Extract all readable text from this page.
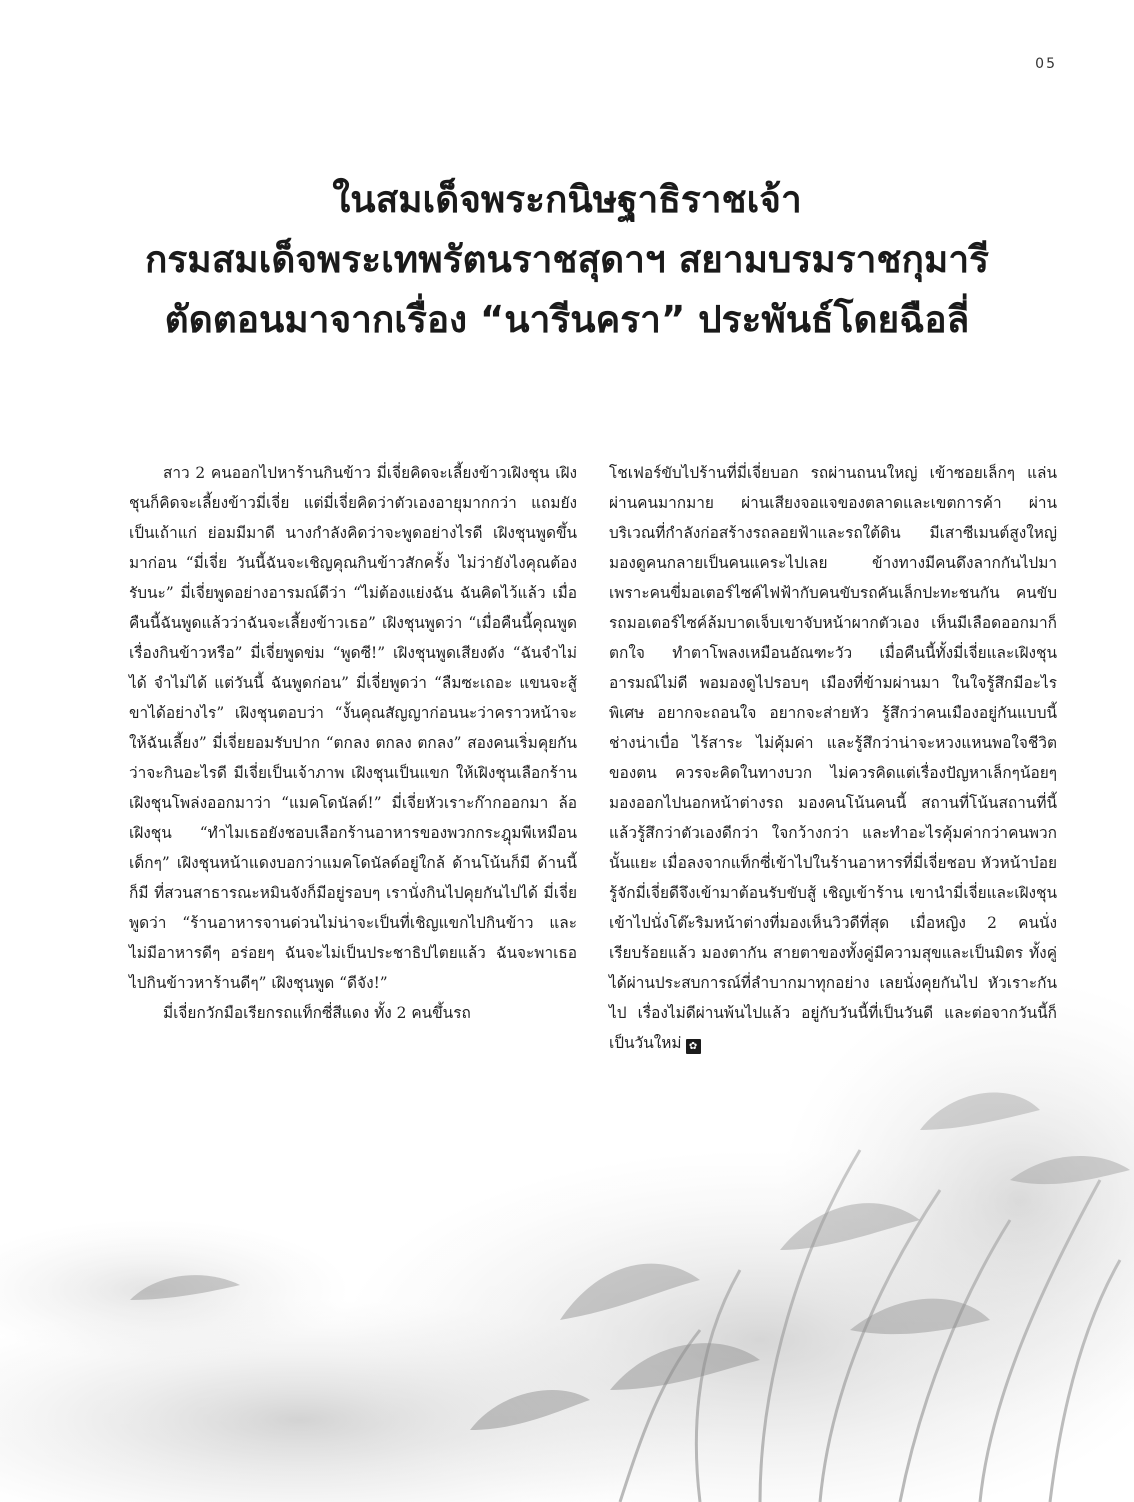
05
ในสมเด็จพระกนิษฐาธิราชเจ้า
กรมสมเด็จพระเทพรัตนราชสุดาฯ สยามบรมราชกุมารี
ตัดตอนมาจากเรื่อง “นารีนครา” ประพันธ์โดยฉือลี่

สาว 2 คนออกไปหาร้านกินข้าว มี่เจี่ยคิดจะเลี้ยงข้าวเฝิงชุน เฝิงชุนก็คิดจะเลี้ยงข้าวมี่เจี่ย แต่มี่เจี่ยคิดว่าตัวเองอายุมากกว่า แถมยังเป็นเถ้าแก่ ย่อมมีมาดี นางกำลังคิดว่าจะพูดอย่างไรดี เฝิงชุนพูดขึ้นมาก่อน “มี่เจี่ย วันนี้ฉันจะเชิญคุณกินข้าวสักครั้ง ไม่ว่ายังไงคุณต้องรับนะ” มี่เจี่ยพูดอย่างอารมณ์ดีว่า “ไม่ต้องแย่งฉัน ฉันคิดไว้แล้ว เมื่อคืนนี้ฉันพูดแล้วว่าฉันจะเลี้ยงข้าวเธอ” เฝิงชุนพูดว่า “เมื่อคืนนี้คุณพูดเรื่องกินข้าวหรือ” มี่เจี่ยพูดข่ม “พูดซี!” เฝิงชุนพูดเสียงดัง “ฉันจำไม่ได้ จำไม่ได้ แต่วันนี้ ฉันพูดก่อน” มี่เจี่ยพูดว่า “ลืมซะเถอะ แขนจะสู้ขาได้อย่างไร” เฝิงชุนตอบว่า “งั้นคุณสัญญาก่อนนะว่าคราวหน้าจะให้ฉันเลี้ยง” มี่เจี่ยยอมรับปาก “ตกลง ตกลง ตกลง” สองคนเริ่มคุยกันว่าจะกินอะไรดี มีเจี่ยเป็นเจ้าภาพ เฝิงชุนเป็นแขก ให้เฝิงชุนเลือกร้าน เฝิงชุนโพล่งออกมาว่า “แมคโดนัลด์!” มี่เจี่ยหัวเราะก๊ากออกมา ล้อเฝิงชุน “ทำไมเธอยังชอบเลือกร้านอาหารของพวกกระฎุมพีเหมือนเด็กๆ” เฝิงชุนหน้าแดงบอกว่าแมคโดนัลด์อยู่ใกล้ ด้านโน้นก็มี ด้านนี้ก็มี ที่สวนสาธารณะหมินจังก็มีอยู่รอบๆ เรานั่งกินไปคุยกันไปได้ มี่เจี่ยพูดว่า “ร้านอาหารจานด่วนไม่น่าจะเป็นที่เชิญแขกไปกินข้าว และไม่มีอาหารดีๆ อร่อยๆ ฉันจะไม่เป็นประชาธิปไตยแล้ว ฉันจะพาเธอไปกินข้าวหาร้านดีๆ” เฝิงชุนพูด “ดีจัง!”

มี่เจี่ยกวักมือเรียกรถแท็กซี่สีแดง ทั้ง 2 คนขึ้นรถ

โชเฟอร์ขับไปร้านที่มี่เจี่ยบอก รถผ่านถนนใหญ่ เข้าซอยเล็กๆ แล่นผ่านคนมากมาย ผ่านเสียงจอแจของตลาดและเขตการค้า ผ่านบริเวณที่กำลังก่อสร้างรถลอยฟ้าและรถใต้ดิน มีเสาซีเมนต์สูงใหญ่ มองดูคนกลายเป็นคนแคระไปเลย ข้างทางมีคนดึงลากกันไปมา เพราะคนขี่มอเตอร์ไซค์ไฟฟ้ากับคนขับรถคันเล็กปะทะชนกัน คนขับรถมอเตอร์ไซค์ล้มบาดเจ็บเขาจับหน้าผากตัวเอง เห็นมีเลือดออกมาก็ตกใจ ทำตาโพลงเหมือนอัณฑะวัว เมื่อคืนนี้ทั้งมี่เจี่ยและเฝิงชุนอารมณ์ไม่ดี พอมองดูไปรอบๆ เมืองที่ข้ามผ่านมา ในใจรู้สึกมีอะไรพิเศษ อยากจะถอนใจ อยากจะส่ายหัว รู้สึกว่าคนเมืองอยู่กันแบบนี้ ช่างน่าเบื่อ ไร้สาระ ไม่คุ้มค่า และรู้สึกว่าน่าจะหวงแหนพอใจชีวิตของตน ควรจะคิดในทางบวก ไม่ควรคิดแต่เรื่องปัญหาเล็กๆน้อยๆ มองออกไปนอกหน้าต่างรถ มองคนโน้นคนนี้ สถานที่โน้นสถานที่นี้ แล้วรู้สึกว่าตัวเองดีกว่า ใจกว้างกว่า และทำอะไรคุ้มค่ากว่าคนพวกนั้นแยะ เมื่อลงจากแท็กซี่เข้าไปในร้านอาหารที่มี่เจี่ยชอบ หัวหน้าบ๋อยรู้จักมี่เจี่ยดีจึงเข้ามาต้อนรับขับสู้ เชิญเข้าร้าน เขานำมี่เจี่ยและเฝิงชุนเข้าไปนั่งโต๊ะริมหน้าต่างที่มองเห็นวิวดีที่สุด เมื่อหญิง 2 คนนั่งเรียบร้อยแล้ว มองตากัน สายตาของทั้งคู่มีความสุขและเป็นมิตร ทั้งคู่ได้ผ่านประสบการณ์ที่ลำบากมาทุกอย่าง เลยนั่งคุยกันไป หัวเราะกันไป เรื่องไม่ดีผ่านพ้นไปแล้ว อยู่กับวันนี้ที่เป็นวันดี และต่อจากวันนี้ก็เป็นวันใหม่ ✿
